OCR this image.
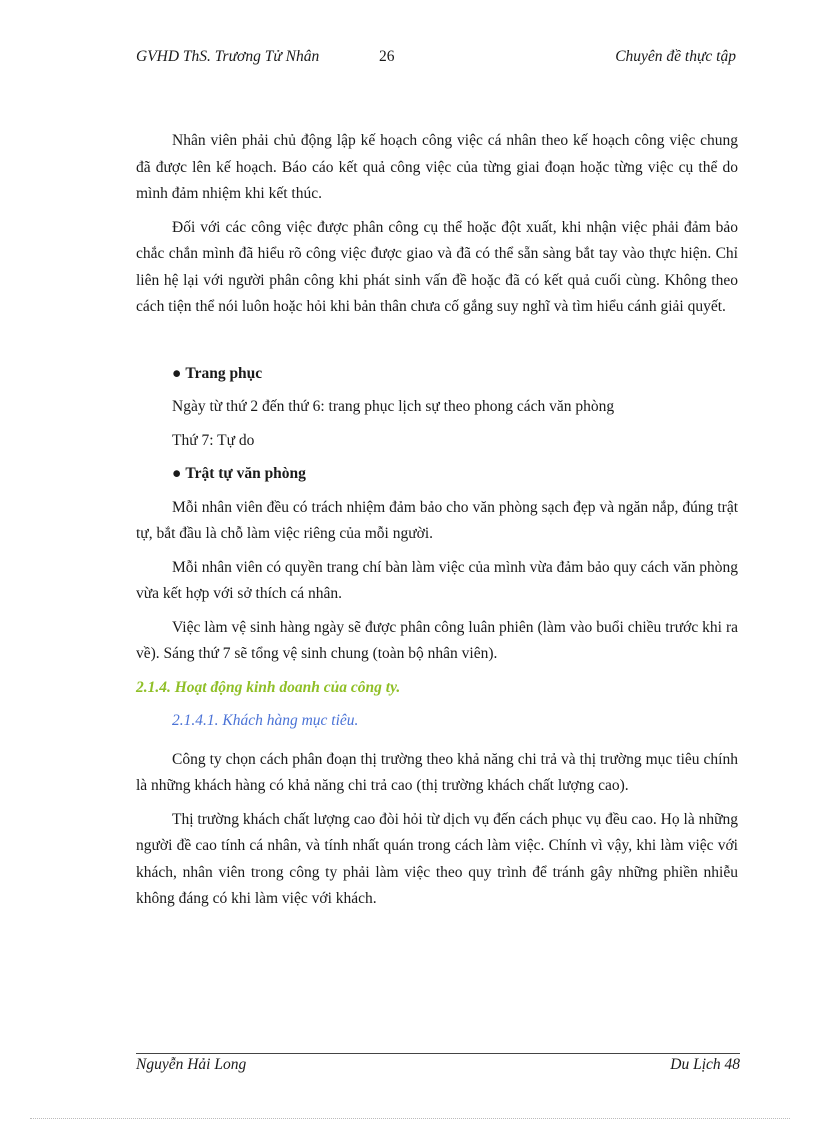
GVHD ThS. Trương Tử Nhân	26	Chuyên đề thực tập

Nhân viên phải chủ động lập kế hoạch công việc cá nhân theo kế hoạch công việc chung đã được lên kế hoạch. Báo cáo kết quả công việc của từng giai đoạn hoặc từng việc cụ thể do mình đảm nhiệm khi kết thúc.

Đối với các công việc được phân công cụ thể hoặc đột xuất, khi nhận việc phải đảm bảo chắc chắn mình đã hiểu rõ công việc được giao và đã có thể sẵn sàng bắt tay vào thực hiện. Chỉ liên hệ lại với người phân công khi phát sinh vấn đề hoặc đã có kết quả cuối cùng. Không theo cách tiện thể nói luôn hoặc hỏi khi bản thân chưa cố gắng suy nghĩ và tìm hiểu cánh giải quyết.

● Trang phục

Ngày từ thứ 2 đến thứ 6: trang phục lịch sự theo phong cách văn phòng

Thứ 7: Tự do

● Trật tự văn phòng

Mỗi nhân viên đều có trách nhiệm đảm bảo cho văn phòng sạch đẹp và ngăn nắp, đúng trật tự, bắt đầu là chỗ làm việc riêng của mỗi người.

Mỗi nhân viên có quyền trang chí bàn làm việc của mình vừa đảm bảo quy cách văn phòng vừa kết hợp với sở thích cá nhân.

Việc làm vệ sinh hàng ngày sẽ được phân công luân phiên (làm vào buổi chiều trước khi ra về). Sáng thứ 7 sẽ tổng vệ sinh chung (toàn bộ nhân viên).

2.1.4. Hoạt động kinh doanh của công ty.

2.1.4.1. Khách hàng mục tiêu.

Công ty chọn cách phân đoạn thị trường theo khả năng chi trả và thị trường mục tiêu chính là những khách hàng có khả năng chi trả cao (thị trường khách chất lượng cao).

Thị trường khách chất lượng cao đòi hỏi từ dịch vụ đến cách phục vụ đều cao. Họ là những người đề cao tính cá nhân, và tính nhất quán trong cách làm việc. Chính vì vậy, khi làm việc với khách, nhân viên trong công ty phải làm việc theo quy trình để tránh gây những phiền nhiễu không đáng có khi làm việc với khách.

Nguyễn Hải Long	Du Lịch 48
